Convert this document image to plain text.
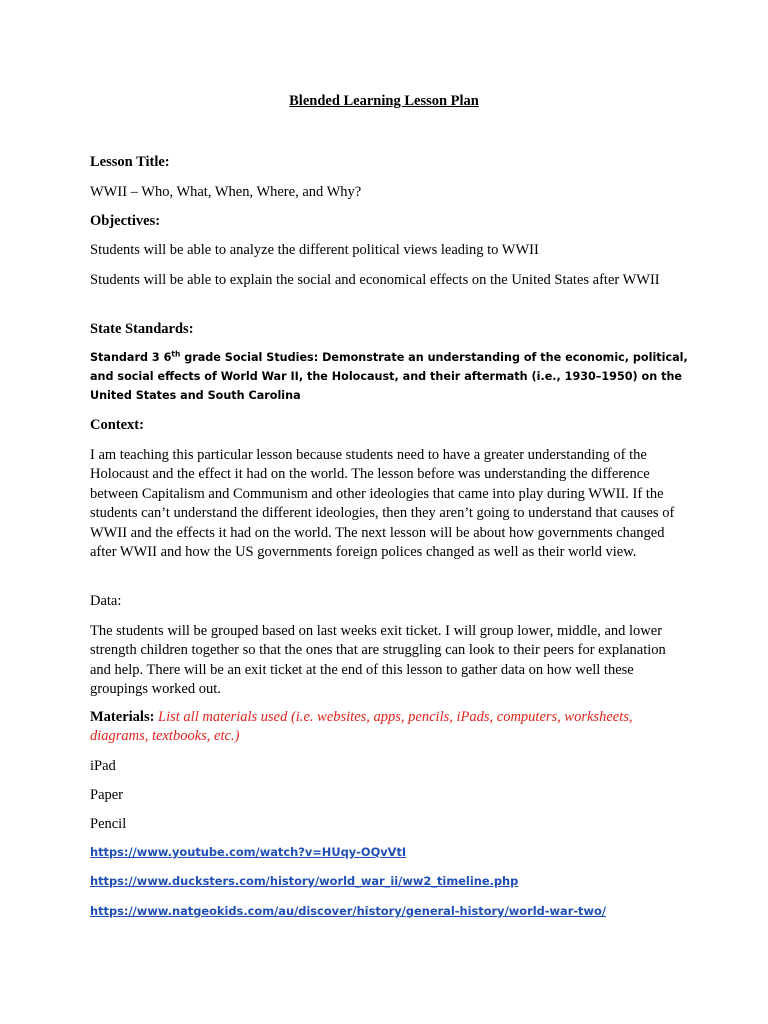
Blended Learning Lesson Plan
Lesson Title:
WWII – Who, What, When, Where, and Why?
Objectives:
Students will be able to analyze the different political views leading to WWII
Students will be able to explain the social and economical effects on the United States after WWII
State Standards:
Standard 3 6th grade Social Studies: Demonstrate an understanding of the economic, political, and social effects of World War II, the Holocaust, and their aftermath (i.e., 1930–1950) on the United States and South Carolina
Context:
I am teaching this particular lesson because students need to have a greater understanding of the Holocaust and the effect it had on the world. The lesson before was understanding the difference between Capitalism and Communism and other ideologies that came into play during WWII. If the students can’t understand the different ideologies, then they aren’t going to understand that causes of WWII and the effects it had on the world. The next lesson will be about how governments changed after WWII and how the US governments foreign polices changed as well as their world view.
Data:
The students will be grouped based on last weeks exit ticket. I will group lower, middle, and lower strength children together so that the ones that are struggling can look to their peers for explanation and help. There will be an exit ticket at the end of this lesson to gather data on how well these groupings worked out.
Materials: List all materials used (i.e. websites, apps, pencils, iPads, computers, worksheets, diagrams, textbooks, etc.)
iPad
Paper
Pencil
https://www.youtube.com/watch?v=HUqy-OQvVtI
https://www.ducksters.com/history/world_war_ii/ww2_timeline.php
https://www.natgeokids.com/au/discover/history/general-history/world-war-two/
